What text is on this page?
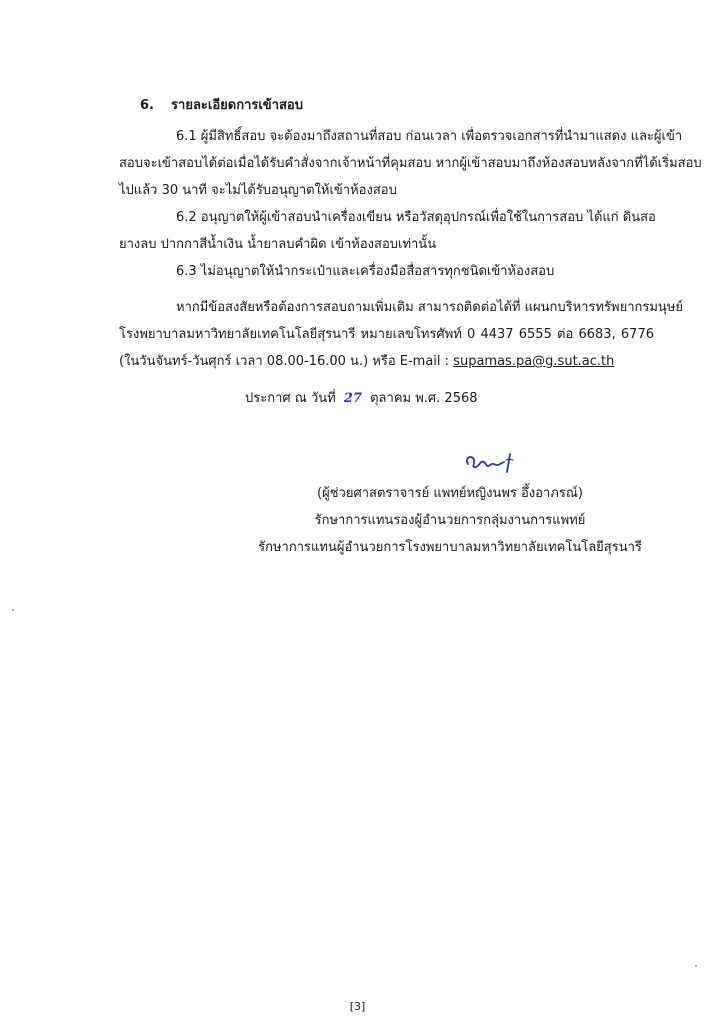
6. รายละเอียดการเข้าสอบ
6.1 ผู้มีสิทธิ์สอบ จะต้องมาถึงสถานที่สอบ ก่อนเวลา เพื่อตรวจเอกสารที่นำมาแสดง และผู้เข้า
สอบจะเข้าสอบได้ต่อเมื่อได้รับคำสั่งจากเจ้าหน้าที่คุมสอบ หากผู้เข้าสอบมาถึงห้องสอบหลังจากที่ได้เริ่มสอบ
ไปแล้ว 30 นาที จะไม่ได้รับอนุญาตให้เข้าห้องสอบ
6.2 อนุญาตให้ผู้เข้าสอบนำเครื่องเขียน หรือวัสดุอุปกรณ์เพื่อใช้ในการสอบ ได้แก่ ดินสอ
ยางลบ ปากกาสีน้ำเงิน น้ำยาลบคำผิด เข้าห้องสอบเท่านั้น
6.3 ไม่อนุญาตให้นำกระเป๋าและเครื่องมือสื่อสารทุกชนิดเข้าห้องสอบ
หากมีข้อสงสัยหรือต้องการสอบถามเพิ่มเติม สามารถติดต่อได้ที่ แผนกบริหารทรัพยากรมนุษย์
โรงพยาบาลมหาวิทยาลัยเทคโนโลยีสุรนารี หมายเลขโทรศัพท์ 0 4437 6555 ต่อ 6683, 6776
(ในวันจันทร์-วันศุกร์ เวลา 08.00-16.00 น.) หรือ E-mail : supamas.pa@g.sut.ac.th
ประกาศ ณ วันที่ 27 ตุลาคม พ.ศ. 2568
(ผู้ช่วยศาสตราจารย์ แพทย์หญิงนพร อึ้งอาภรณ์)
รักษาการแทนรองผู้อำนวยการกลุ่มงานการแพทย์
รักษาการแทนผู้อำนวยการโรงพยาบาลมหาวิทยาลัยเทคโนโลยีสุรนารี
[3]
